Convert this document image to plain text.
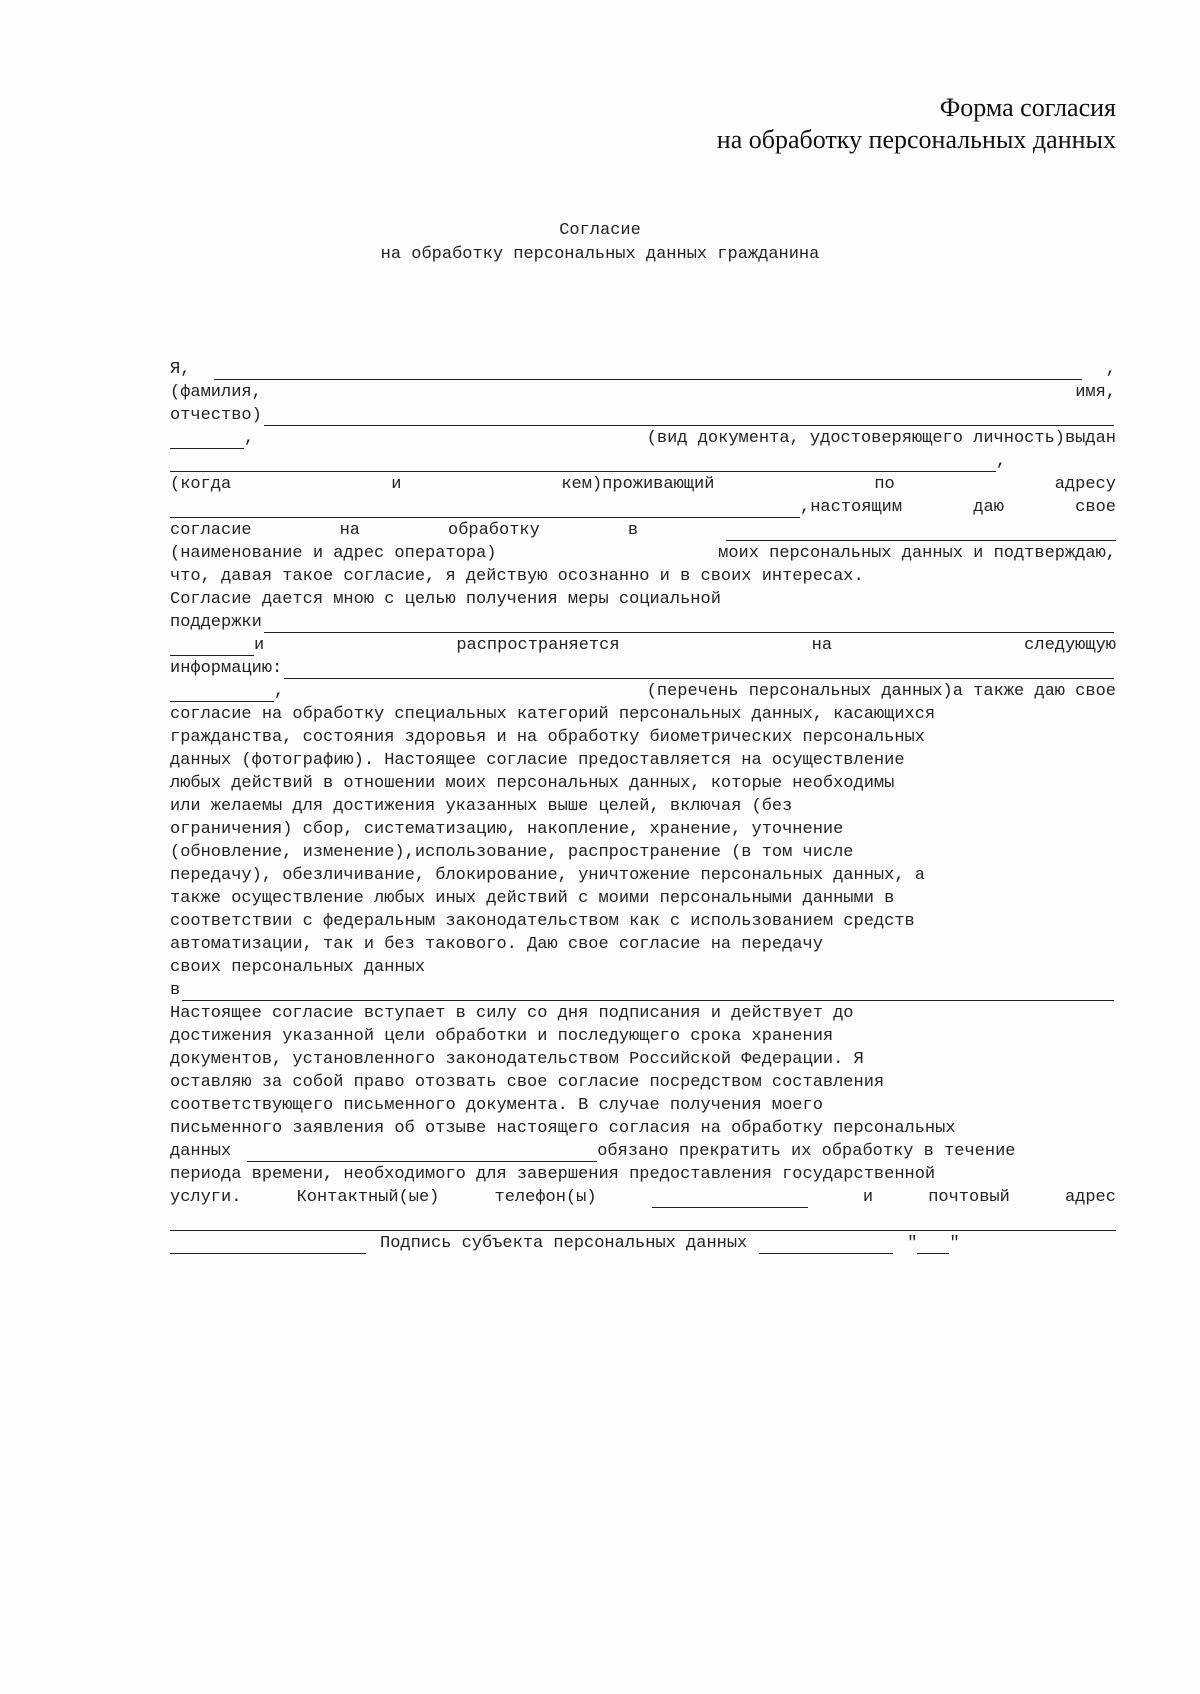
Форма согласия
на обработку персональных данных
Согласие
на обработку персональных данных гражданина
Я,	,
(фамилия,	имя,
отчество)
,	(вид документа, удостоверяющего личность) выдан
,
(когда	и	кем) проживающий	по	адресу
,настоящим	даю	свое
согласие	на	обработку	в
(наименование и адрес оператора)	моих персональных данных и подтверждаю,
что, давая такое согласие, я действую осознанно и в своих интересах.
Согласие дается мною с целью получения меры социальной
поддержки
и	распространяется	на	следующую
информацию:
,	(перечень персональных данных) а также даю свое
согласие на обработку специальных категорий персональных данных, касающихся
гражданства, состояния здоровья и на обработку биометрических персональных
данных (фотографию). Настоящее согласие предоставляется на осуществление
любых действий в отношении моих персональных данных, которые необходимы
или желаемы для достижения указанных выше целей, включая (без
ограничения) сбор, систематизацию, накопление, хранение, уточнение
(обновление, изменение),использование, распространение (в том числе
передачу), обезличивание, блокирование, уничтожение персональных данных, а
также осуществление любых иных действий с моими персональными данными в
соответствии с федеральным законодательством как с использованием средств
автоматизации, так и без такового. Даю свое согласие на передачу
своих персональных данных
в
Настоящее согласие вступает в силу со дня подписания и действует до
достижения указанной цели обработки и последующего срока хранения
документов, установленного законодательством Российской Федерации. Я
оставляю за собой право отозвать свое согласие посредством составления
соответствующего письменного документа. В случае получения моего
письменного заявления об отзыве настоящего согласия на обработку персональных
данных	обязано прекратить их обработку в течение
периода времени, необходимого для завершения предоставления государственной
услуги.	Контактный(ые)	телефон(ы)	и	почтовый	адрес
Подпись субъекта персональных данных	" "
